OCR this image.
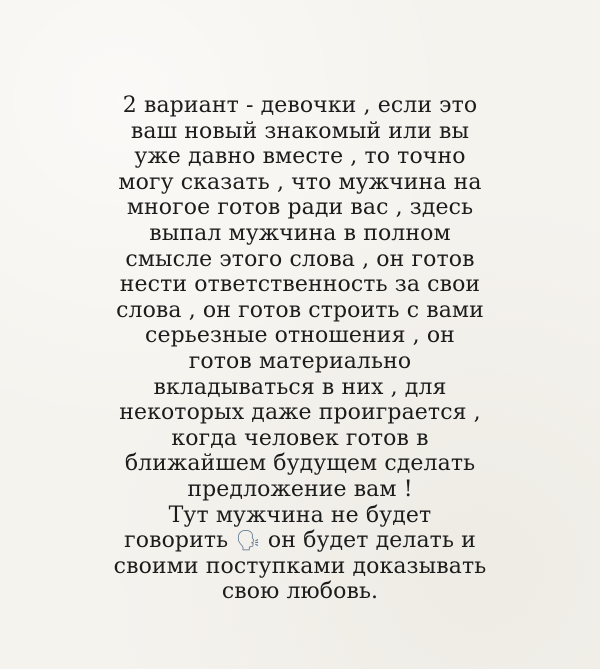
2 вариант - девочки , если это
ваш новый знакомый или вы
уже давно вместе , то точно
могу сказать , что мужчина на
многое готов ради вас , здесь
выпал мужчина в полном
смысле этого слова , он готов
нести ответственность за свои
слова , он готов строить с вами
серьезные отношения , он
готов материально
вкладываться в них , для
некоторых даже проиграется ,
когда человек готов в
ближайшем будущем сделать
предложение вам !
Тут мужчина не будет
говорить 🗣 он будет делать и
своими поступками доказывать
свою любовь.
